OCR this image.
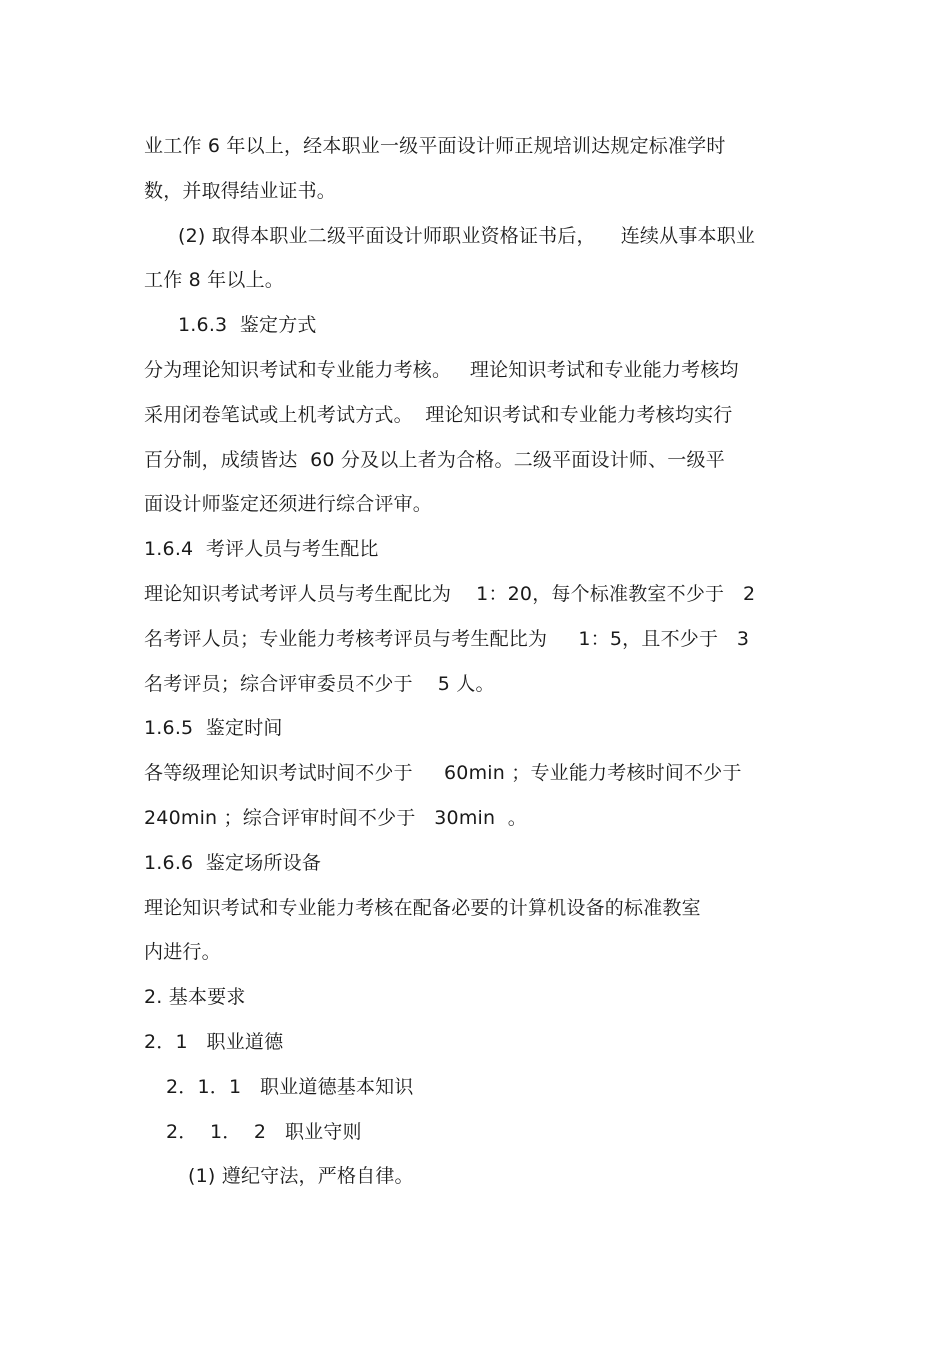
业工作 6 年以上，经本职业一级平面设计师正规培训达规定标准学时
数，并取得结业证书。
(2) 取得本职业二级平面设计师职业资格证书后，    连续从事本职业
工作 8 年以上。
1.6.3  鉴定方式
分为理论知识考试和专业能力考核。   理论知识考试和专业能力考核均
采用闭卷笔试或上机考试方式。  理论知识考试和专业能力考核均实行
百分制，成绩皆达  60 分及以上者为合格。二级平面设计师、一级平
面设计师鉴定还须进行综合评审。
1.6.4  考评人员与考生配比
理论知识考试考评人员与考生配比为    1：20，每个标准教室不少于   2
名考评人员；专业能力考核考评员与考生配比为     1：5，且不少于   3
名考评员；综合评审委员不少于    5 人。
1.6.5  鉴定时间
各等级理论知识考试时间不少于     60min ；专业能力考核时间不少于
240min ；综合评审时间不少于   30min  。
1.6.6  鉴定场所设备
理论知识考试和专业能力考核在配备必要的计算机设备的标准教室
内进行。
2. 基本要求
2．1   职业道德
2．1．1   职业道德基本知识
2．  1．  2   职业守则
(1) 遵纪守法，严格自律。
